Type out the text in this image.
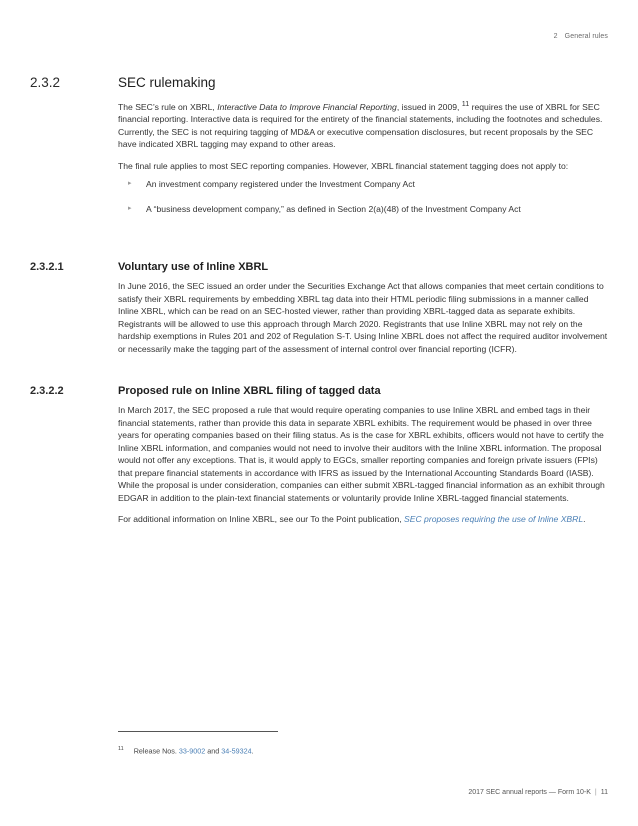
2 General rules
2.3.2	SEC rulemaking

The SEC’s rule on XBRL, Interactive Data to Improve Financial Reporting, issued in 2009, $^{11}$ requires the use of XBRL for SEC financial reporting. Interactive data is required for the entirety of the financial statements, including the footnotes and schedules. Currently, the SEC is not requiring tagging of MD&A or executive compensation disclosures, but recent proposals by the SEC have indicated XBRL tagging may expand to other areas.

The final rule applies to most SEC reporting companies. However, XBRL financial statement tagging does not apply to:

▸ An investment company registered under the Investment Company Act
▸ A “business development company,” as defined in Section 2(a)(48) of the Investment Company Act
2.3.2.1	Voluntary use of Inline XBRL

In June 2016, the SEC issued an order under the Securities Exchange Act that allows companies that meet certain conditions to satisfy their XBRL requirements by embedding XBRL tag data into their HTML periodic filing submissions in a manner called Inline XBRL, which can be read on an SEC-hosted viewer, rather than providing XBRL-tagged data as separate exhibits. Registrants will be allowed to use this approach through March 2020. Registrants that use Inline XBRL may not rely on the hardship exemptions in Rules 201 and 202 of Regulation S-T. Using Inline XBRL does not affect the required auditor involvement or necessarily make the tagging part of the assessment of internal control over financial reporting (ICFR).

2.3.2.2	Proposed rule on Inline XBRL filing of tagged data

In March 2017, the SEC proposed a rule that would require operating companies to use Inline XBRL and embed tags in their financial statements, rather than provide this data in separate XBRL exhibits. The requirement would be phased in over three years for operating companies based on their filing status. As is the case for XBRL exhibits, officers would not have to certify the Inline XBRL information, and companies would not need to involve their auditors with the Inline XBRL information. The proposal would not offer any exceptions. That is, it would apply to EGCs, smaller reporting companies and foreign private issuers (FPIs) that prepare financial statements in accordance with IFRS as issued by the International Accounting Standards Board (IASB). While the proposal is under consideration, companies can either submit XBRL-tagged financial information as an exhibit through EDGAR in addition to the plain-text financial statements or voluntarily provide Inline XBRL-tagged financial statements.

For additional information on Inline XBRL, see our To the Point publication, SEC proposes requiring the use of Inline XBRL.

$^{11}$ Release Nos. 33-9002 and 34-59324.
2017 SEC annual reports — Form 10-K | 11
